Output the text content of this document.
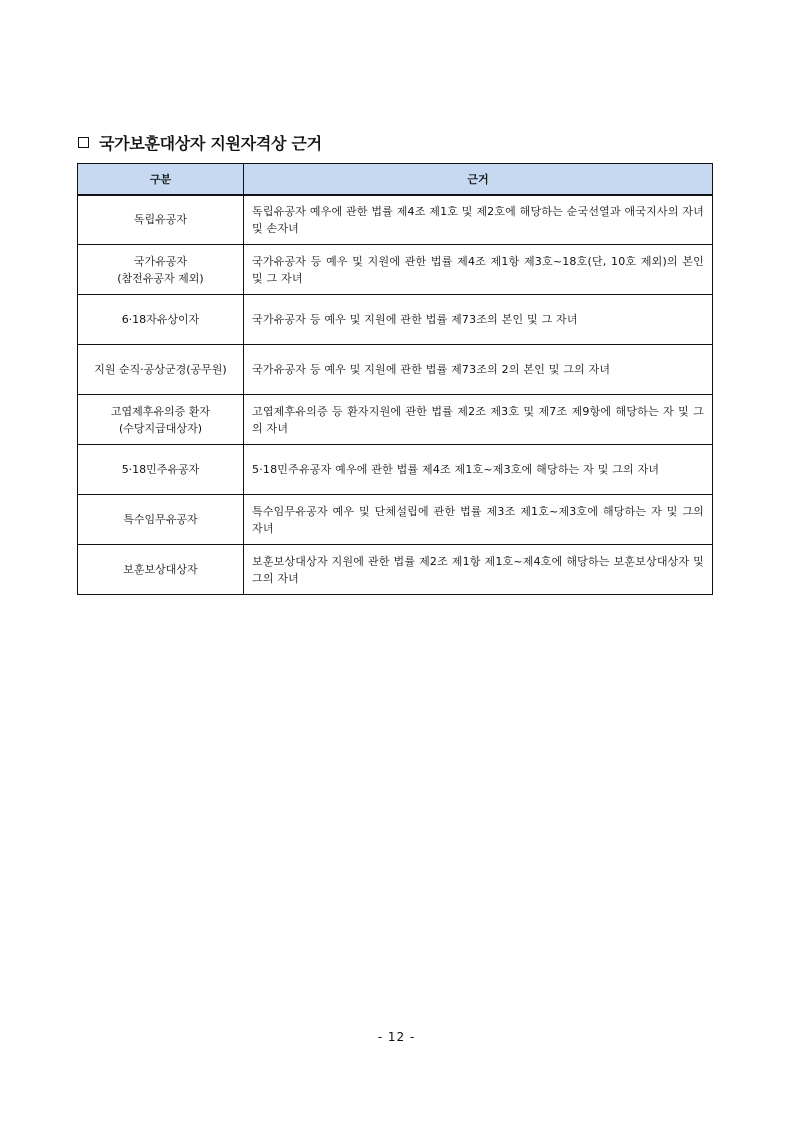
국가보훈대상자 지원자격상 근거
구분	근거

독립유공자	독립유공자 예우에 관한 법률 제4조 제1호 및 제2호에 해당하는 순국선열과 애국지사의 자녀 및 손자녀

국가유공자
(참전유공자 제외)	국가유공자 등 예우 및 지원에 관한 법률 제4조 제1항 제3호~18호(단, 10호 제외)의 본인 및 그 자녀

6·18자유상이자	국가유공자 등 예우 및 지원에 관한 법률 제73조의 본인 및 그 자녀

지원 순직·공상군경(공무원)	국가유공자 등 예우 및 지원에 관한 법률 제73조의 2의 본인 및 그의 자녀

고엽제후유의증 환자
(수당지급대상자)	고엽제후유의증 등 환자지원에 관한 법률 제2조 제3호 및 제7조 제9항에 해당하는 자 및 그의 자녀

5·18민주유공자	5·18민주유공자 예우에 관한 법률 제4조 제1호~제3호에 해당하는 자 및 그의 자녀

특수임무유공자	특수임무유공자 예우 및 단체설립에 관한 법률 제3조 제1호~제3호에 해당하는 자 및 그의 자녀

보훈보상대상자	보훈보상대상자 지원에 관한 법률 제2조 제1항 제1호~제4호에 해당하는 보훈보상대상자 및 그의 자녀
- 12 -
